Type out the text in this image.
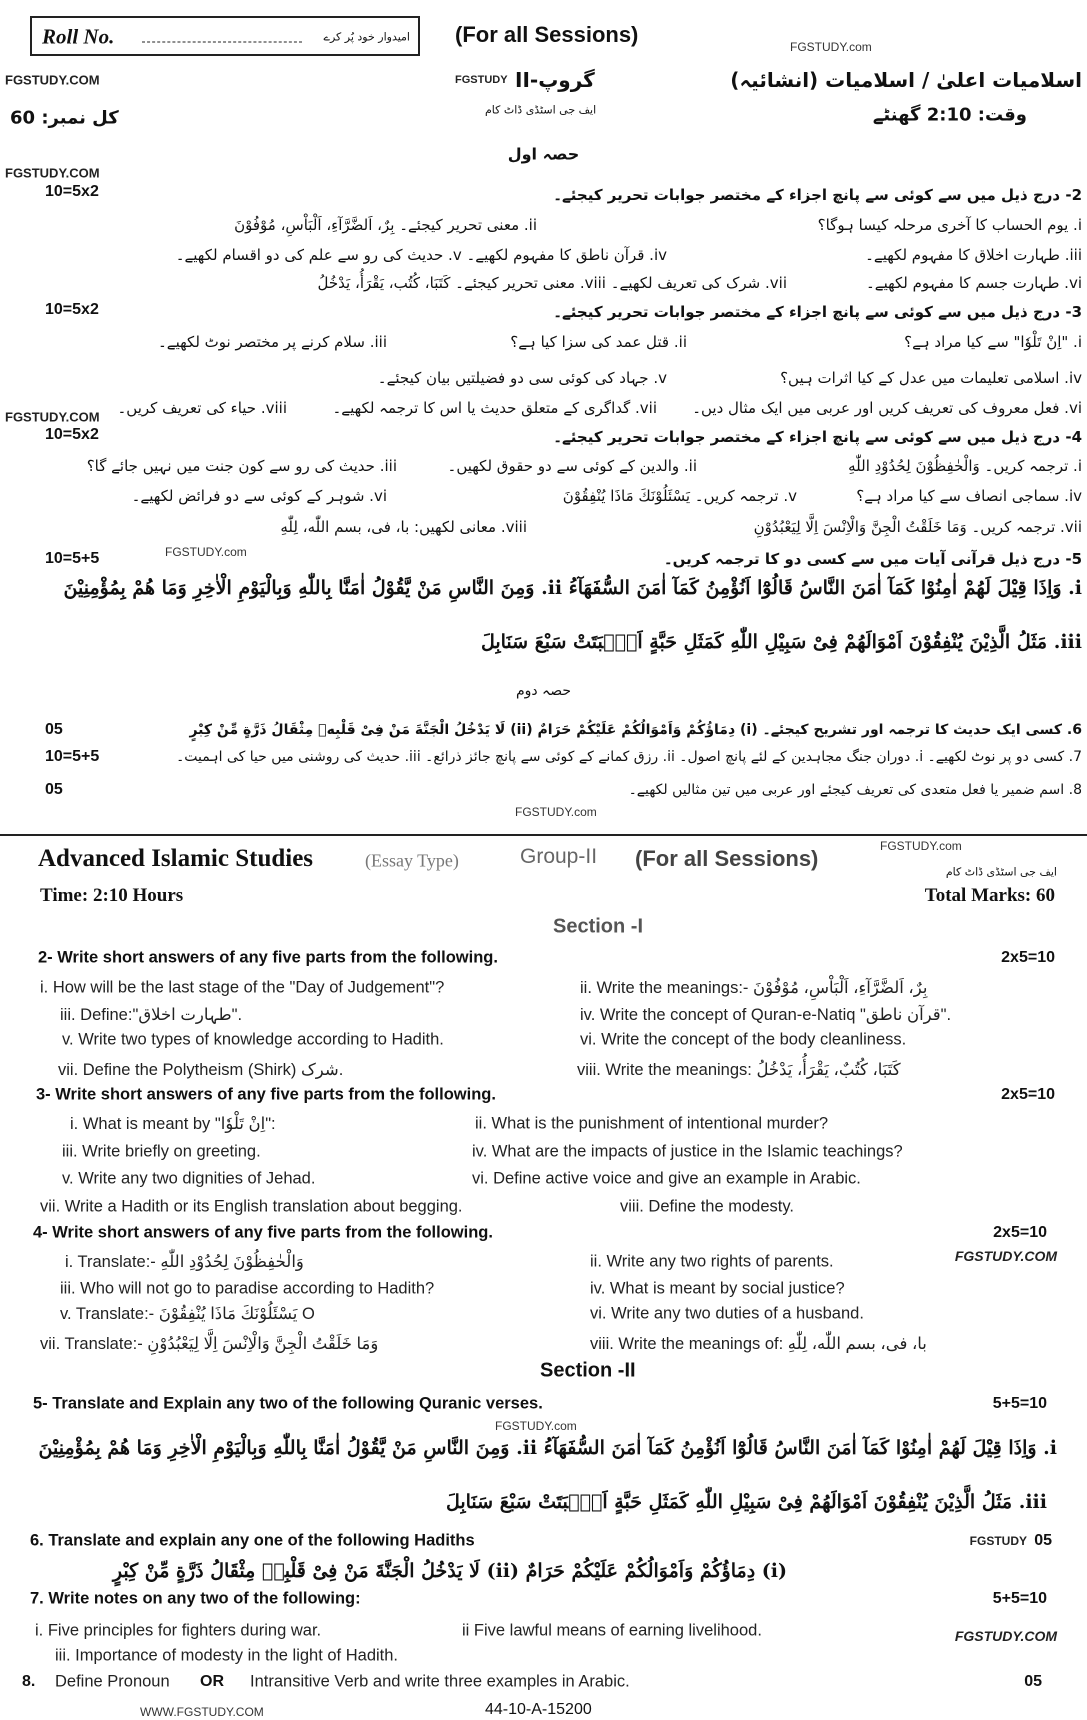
Roll No.	امیدوار خود پُر کرے (For all Sessions)	FGSTUDY.com
FGSTUDY.COM	FGSTUDY گروپ-II
ایف جی اسٹڈی ڈاٹ کام
اسلامیات اعلیٰ / اسلامیات (انشائیہ)
کل نمبر: 60	وقت: 2:10 گھنٹے
حصہ اول
FGSTUDY.COM
10=5x2	2- درج ذیل میں سے کوئی سے پانچ اجزاء کے مختصر جوابات تحریر کیجئے۔
i. یوم الحساب کا آخری مرحلہ کیسا ہوگا؟
ii. معنی تحریر کیجئے۔ بِرٌ، اَلضَّرَّآءِ، اَلْبَاْسِ، مُوْفُوْنَ
iii. طہارت اخلاق کا مفہوم لکھیے۔
iv. قرآن ناطق کا مفہوم لکھیے۔ v. حدیث کی رو سے علم کی دو اقسام لکھیے۔
vi. طہارت جسم کا مفہوم لکھیے۔
vii. شرک کی تعریف لکھیے۔ viii. معنی تحریر کیجئے۔ کَتَبَا، کُتُب، یَقْرَأُ، یَدْخُلُ
10=5x2	3- درج ذیل میں سے کوئی سے پانچ اجزاء کے مختصر جوابات تحریر کیجئے۔
i. "اِنْ تَلْوٗا" سے کیا مراد ہے؟
ii. قتل عمد کی سزا کیا ہے؟
iii. سلام کرنے پر مختصر نوٹ لکھیے۔
iv. اسلامی تعلیمات میں عدل کے کیا اثرات ہیں؟
v. جہاد کی کوئی سی دو فضیلتیں بیان کیجئے۔
vi. فعل معروف کی تعریف کریں اور عربی میں ایک مثال دیں۔
vii. گداگری کے متعلق حدیث یا اس کا ترجمہ لکھیے۔
viii. حیاء کی تعریف کریں۔
FGSTUDY.COM
10=5x2	4- درج ذیل میں سے کوئی سے پانچ اجزاء کے مختصر جوابات تحریر کیجئے۔
i. ترجمہ کریں۔ وَالْحٰفِظُوْنَ لِحُدُوْدِ اللّٰهِ
ii. والدین کے کوئی سے دو حقوق لکھیں۔
iii. حدیث کی رو سے کون جنت میں نہیں جائے گا؟
iv. سماجی انصاف سے کیا مراد ہے؟
v. ترجمہ کریں۔ یَسْئَلُوْنَكَ مَاذَا یُنْفِقُوْنَ
vi. شوہر کے کوئی سے دو فرائض لکھیے۔
vii. ترجمہ کریں۔ وَمَا خَلَقْتُ الْجِنَّ وَالْاِنْسَ اِلَّا لِیَعْبُدُوْنِ
viii. معانی لکھیں: با، فی، بسم اللّٰه، لِلّٰهِ
10=5+5	FGSTUDY.com	5- درج ذیل قرآنی آیات میں سے کسی دو کا ترجمہ کریں۔
i. وَاِذَا قِیْلَ لَهُمْ اٰمِنُوْا كَمَآ اٰمَنَ النَّاسُ قَالُوْٓا اَنُؤْمِنُ كَمَآ اٰمَنَ السُّفَهَآءُ ii. وَمِنَ النَّاسِ مَنْ یَّقُوْلُ اٰمَنَّا بِاللّٰهِ وَبِالْیَوْمِ الْاٰخِرِ وَمَا هُمْ بِمُؤْمِنِیْنَ
iii. مَثَلُ الَّذِیْنَ یُنْفِقُوْنَ اَمْوَالَهُمْ فِیْ سَبِیْلِ اللّٰهِ كَمَثَلِ حَبَّةٍ اَنْۢبَتَتْ سَبْعَ سَنَابِلَ
حصہ دوم
05	6. کسی ایک حدیث کا ترجمہ اور تشریح کیجئے۔ (i) دِمَاؤُكُمْ وَاَمْوَالُكُمْ عَلَیْكُمْ حَرَامٌ (ii) لَا یَدْخُلُ الْجَنَّةَ مَنْ فِیْ قَلْبِهٖ مِثْقَالُ ذَرَّةٍ مِّنْ كِبْرٍ
10=5+5	7. کسی دو پر نوٹ لکھیے۔ i. دوران جنگ مجاہدین کے لئے پانچ اصول۔ ii. رزق کمانے کے کوئی سے پانچ جائز ذرائع۔ iii. حدیث کی روشنی میں حیا کی اہمیت۔
05	8. اسم ضمیر یا فعل متعدی کی تعریف کیجئے اور عربی میں تین مثالیں لکھیے۔
FGSTUDY.com
Advanced Islamic Studies	(Essay Type)	Group-II (For all Sessions)	FGSTUDY.com
ایف جی اسٹڈی ڈاٹ کام
Time: 2:10 Hours	Total Marks: 60
Section -I
2- Write short answers of any five parts from the following.	2x5=10
i. How will be the last stage of the "Day of Judgement"?	ii. Write the meanings:- بِرٌ، اَلضَّرَّآءِ، اَلْبَاْسِ، مُوْفُوْنَ
iii. Define:"طہارت اخلاق".	iv. Write the concept of Quran-e-Natiq "قرآن ناطق".
v. Write two types of knowledge according to Hadith.	vi. Write the concept of the body cleanliness.
vii. Define the Polytheism (Shirk) شرک.	viii. Write the meanings: كَتَبَا، كُتُبٌ، یَقْرَأُ، یَدْخُلُ
3- Write short answers of any five parts from the following.	2x5=10
i. What is meant by "اِنْ تَلْوٗا":	ii. What is the punishment of intentional murder?
iii. Write briefly on greeting.	iv. What are the impacts of justice in the Islamic teachings?
v. Write any two dignities of Jehad.	vi. Define active voice and give an example in Arabic.
vii. Write a Hadith or its English translation about begging.	viii. Define the modesty.
4- Write short answers of any five parts from the following.	2x5=10
FGSTUDY.COM
i. Translate:- وَالْحٰفِظُوْنَ لِحُدُوْدِ اللّٰهِ	ii. Write any two rights of parents.
iii. Who will not go to paradise according to Hadith?	iv. What is meant by social justice?
v. Translate:- یَسْئَلُوْنَكَ مَاذَا یُنْفِقُوْنَ O	vi. Write any two duties of a husband.
vii. Translate:- وَمَا خَلَقْتُ الْجِنَّ وَالْاِنْسَ اِلَّا لِیَعْبُدُوْنِ	viii. Write the meanings of: با، فی، بسم اللّٰه، لِلّٰهِ
Section -II
5- Translate and Explain any two of the following Quranic verses.	5+5=10
FGSTUDY.com
i. وَاِذَا قِیْلَ لَهُمْ اٰمِنُوْا كَمَآ اٰمَنَ النَّاسُ قَالُوْٓا اَنُؤْمِنُ كَمَآ اٰمَنَ السُّفَهَآءُ ii. وَمِنَ النَّاسِ مَنْ یَّقُوْلُ اٰمَنَّا بِاللّٰهِ وَبِالْیَوْمِ الْاٰخِرِ وَمَا هُمْ بِمُؤْمِنِیْنَ
iii. مَثَلُ الَّذِیْنَ یُنْفِقُوْنَ اَمْوَالَهُمْ فِیْ سَبِیْلِ اللّٰهِ كَمَثَلِ حَبَّةٍ اَنْۢبَتَتْ سَبْعَ سَنَابِلَ
6. Translate and explain any one of the following Hadiths	FGSTUDY 05
(i) دِمَاؤُكُمْ وَاَمْوَالُكُمْ عَلَیْكُمْ حَرَامٌ (ii) لَا یَدْخُلُ الْجَنَّةَ مَنْ فِیْ قَلْبِهٖ مِثْقَالُ ذَرَّةٍ مِّنْ كِبْرٍ
7. Write notes on any two of the following:	5+5=10
i. Five principles for fighters during war.	ii Five lawful means of earning livelihood.	FGSTUDY.COM
iii. Importance of modesty in the light of Hadith.
8. Define Pronoun OR Intransitive Verb and write three examples in Arabic.	05
WWW.FGSTUDY.COM	44-10-A-15200
